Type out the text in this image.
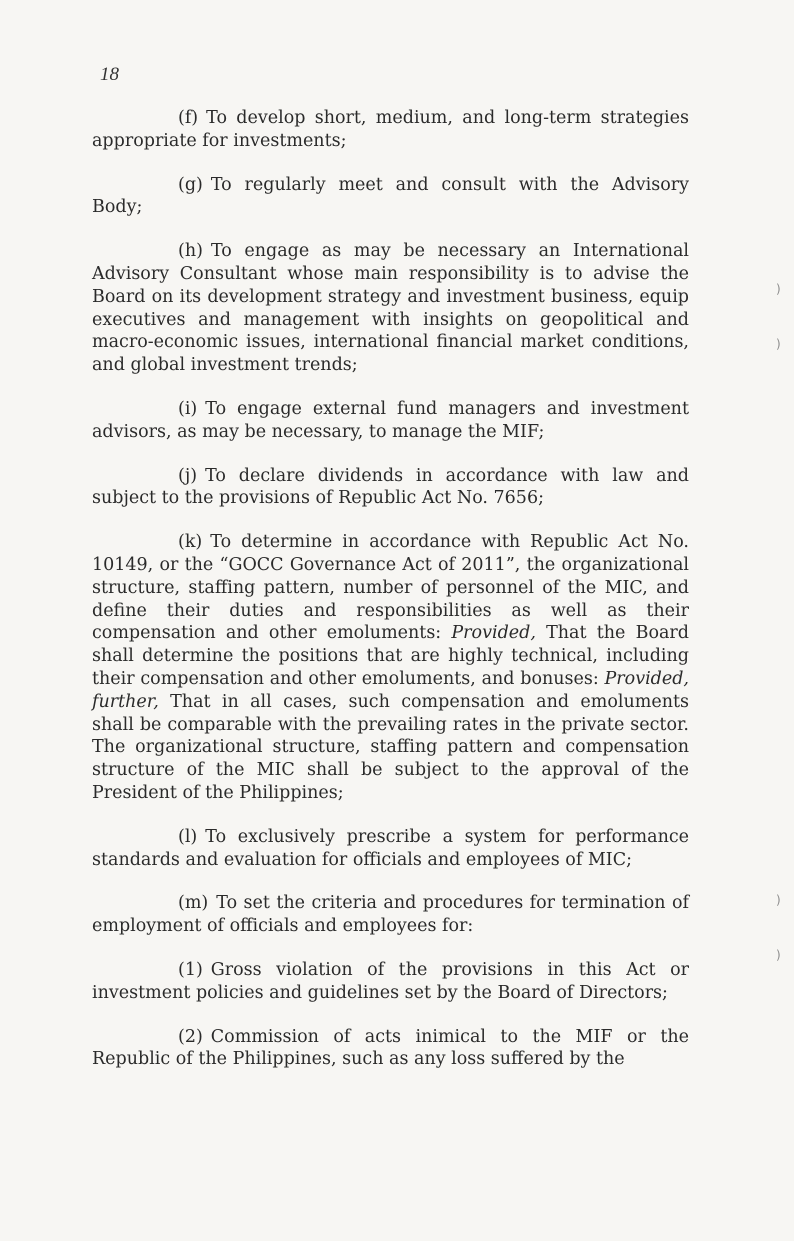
18

(f) To develop short, medium, and long-term strategies appropriate for investments;

(g) To regularly meet and consult with the Advisory Body;

(h) To engage as may be necessary an International Advisory Consultant whose main responsibility is to advise the Board on its development strategy and investment business, equip executives and management with insights on geopolitical and macro-economic issues, international financial market conditions, and global investment trends;

(i) To engage external fund managers and investment advisors, as may be necessary, to manage the MIF;

(j) To declare dividends in accordance with law and subject to the provisions of Republic Act No. 7656;

(k) To determine in accordance with Republic Act No. 10149, or the “GOCC Governance Act of 2011”, the organizational structure, staffing pattern, number of personnel of the MIC, and define their duties and responsibilities as well as their compensation and other emoluments: Provided, That the Board shall determine the positions that are highly technical, including their compensation and other emoluments, and bonuses: Provided, further, That in all cases, such compensation and emoluments shall be comparable with the prevailing rates in the private sector. The organizational structure, staffing pattern and compensation structure of the MIC shall be subject to the approval of the President of the Philippines;

(l) To exclusively prescribe a system for performance standards and evaluation for officials and employees of MIC;

(m) To set the criteria and procedures for termination of employment of officials and employees for:

(1) Gross violation of the provisions in this Act or investment policies and guidelines set by the Board of Directors;

(2) Commission of acts inimical to the MIF or the Republic of the Philippines, such as any loss suffered by the

)
)
)
)
